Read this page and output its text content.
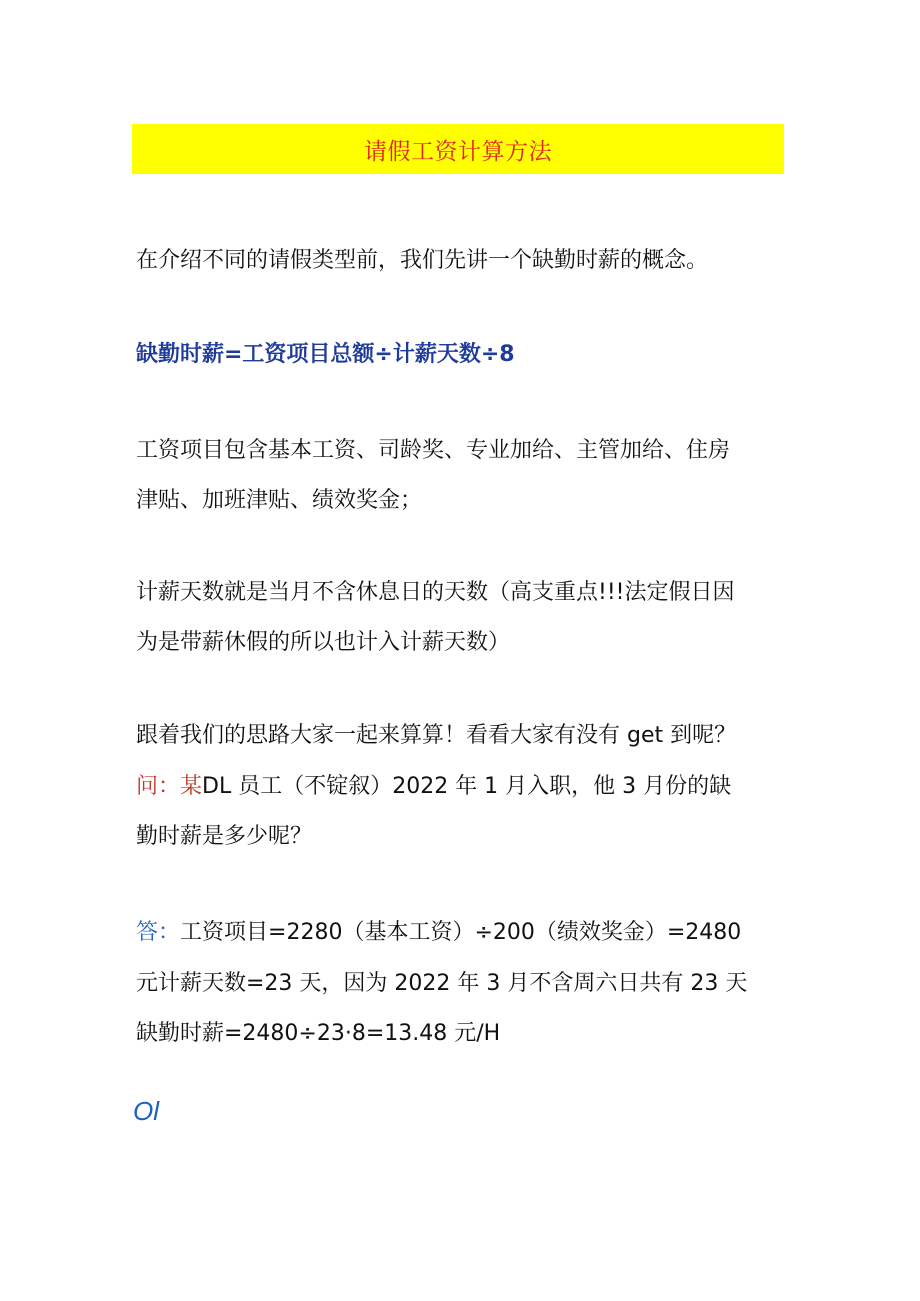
请假工资计算方法
在介绍不同的请假类型前，我们先讲一个缺勤时薪的概念。
缺勤时薪=工资项目总额÷计薪天数÷8
工资项目包含基本工资、司龄奖、专业加给、主管加给、住房
津贴、加班津贴、绩效奖金；
计薪天数就是当月不含休息日的天数（高支重点!!!法定假日因
为是带薪休假的所以也计入计薪天数）
跟着我们的思路大家一起来算算！看看大家有没有 get 到呢？
问：某DL 员工（不锭叙）2022 年 1 月入职，他 3 月份的缺
勤时薪是多少呢？
答：工资项目=2280（基本工资）÷200（绩效奖金）=2480
元计薪天数=23 天，因为 2022 年 3 月不含周六日共有 23 天
缺勤时薪=2480÷23·8=13.48 元/H
Ol
